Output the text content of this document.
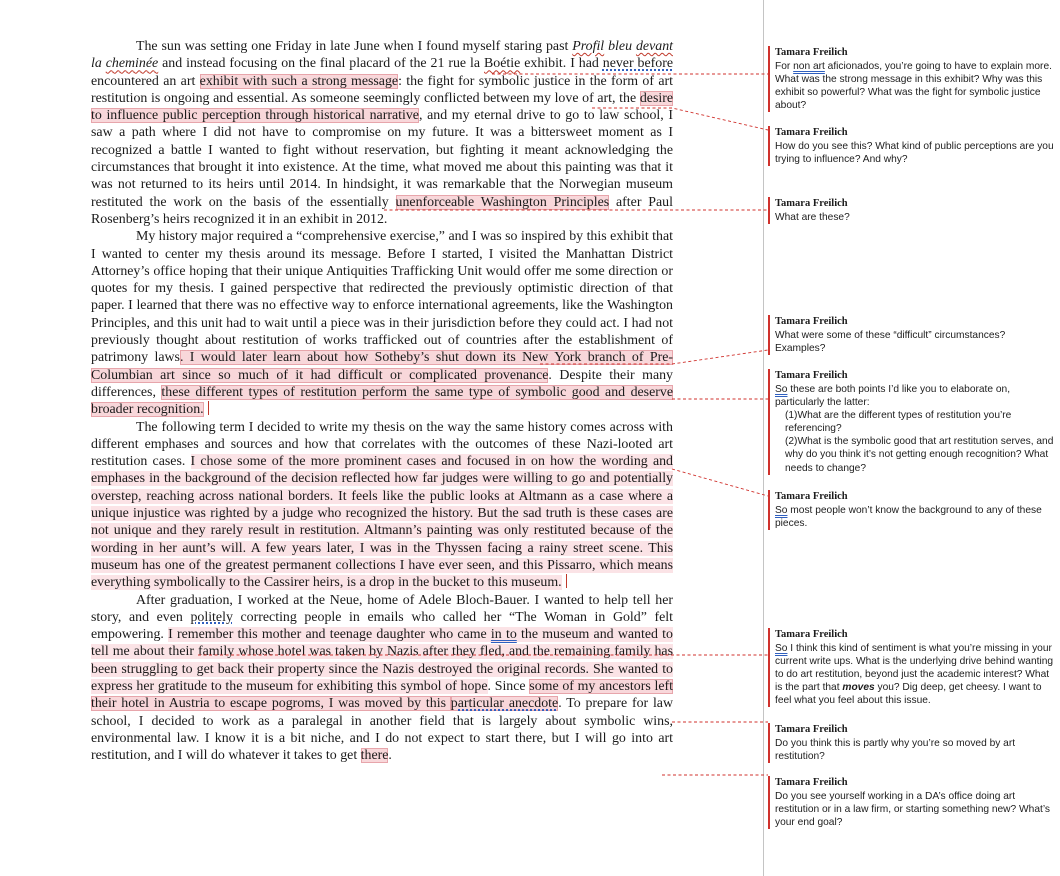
The sun was setting one Friday in late June when I found myself staring past Profil bleu devant la cheminée and instead focusing on the final placard of the 21 rue la Boétie exhibit. I had never before encountered an art exhibit with such a strong message: the fight for symbolic justice in the form of art restitution is ongoing and essential. As someone seemingly conflicted between my love of art, the desire to influence public perception through historical narrative, and my eternal drive to go to law school, I saw a path where I did not have to compromise on my future. It was a bittersweet moment as I recognized a battle I wanted to fight without reservation, but fighting it meant acknowledging the circumstances that brought it into existence. At the time, what moved me about this painting was that it was not returned to its heirs until 2014. In hindsight, it was remarkable that the Norwegian museum restituted the work on the basis of the essentially unenforceable Washington Principles after Paul Rosenberg’s heirs recognized it in an exhibit in 2012.

My history major required a “comprehensive exercise,” and I was so inspired by this exhibit that I wanted to center my thesis around its message. Before I started, I visited the Manhattan District Attorney’s office hoping that their unique Antiquities Trafficking Unit would offer me some direction or quotes for my thesis. I gained perspective that redirected the previously optimistic direction of that paper. I learned that there was no effective way to enforce international agreements, like the Washington Principles, and this unit had to wait until a piece was in their jurisdiction before they could act. I had not previously thought about restitution of works trafficked out of countries after the establishment of patrimony laws. I would later learn about how Sotheby’s shut down its New York branch of Pre-Columbian art since so much of it had difficult or complicated provenance. Despite their many differences, these different types of restitution perform the same type of symbolic good and deserve broader recognition.

The following term I decided to write my thesis on the way the same history comes across with different emphases and sources and how that correlates with the outcomes of these Nazi-looted art restitution cases. I chose some of the more prominent cases and focused in on how the wording and emphases in the background of the decision reflected how far judges were willing to go and potentially overstep, reaching across national borders. It feels like the public looks at Altmann as a case where a unique injustice was righted by a judge who recognized the history. But the sad truth is these cases are not unique and they rarely result in restitution. Altmann’s painting was only restituted because of the wording in her aunt’s will. A few years later, I was in the Thyssen facing a rainy street scene. This museum has one of the greatest permanent collections I have ever seen, and this Pissarro, which means everything symbolically to the Cassirer heirs, is a drop in the bucket to this museum.

After graduation, I worked at the Neue, home of Adele Bloch-Bauer. I wanted to help tell her story, and even politely correcting people in emails who called her “The Woman in Gold” felt empowering. I remember this mother and teenage daughter who came in to the museum and wanted to tell me about their family whose hotel was taken by Nazis after they fled, and the remaining family has been struggling to get back their property since the Nazis destroyed the original records. She wanted to express her gratitude to the museum for exhibiting this symbol of hope. Since some of my ancestors left their hotel in Austria to escape pogroms, I was moved by this particular anecdote. To prepare for law school, I decided to work as a paralegal in another field that is largely about symbolic wins, environmental law. I know it is a bit niche, and I do not expect to start there, but I will go into art restitution, and I will do whatever it takes to get there.

Tamara Freilich
For non art aficionados, you’re going to have to explain more. What was the strong message in this exhibit? Why was this exhibit so powerful? What was the fight for symbolic justice about?
Tamara Freilich
How do you see this? What kind of public perceptions are you trying to influence? And why?
Tamara Freilich
What are these?
Tamara Freilich
What were some of these “difficult” circumstances? Examples?
Tamara Freilich
So these are both points I’d like you to elaborate on, particularly the latter:
(1)What are the different types of restitution you’re referencing?
(2)What is the symbolic good that art restitution serves, and why do you think it’s not getting enough recognition? What needs to change?
Tamara Freilich
So most people won’t know the background to any of these pieces.
Tamara Freilich
So I think this kind of sentiment is what you’re missing in your current write ups. What is the underlying drive behind wanting to do art restitution, beyond just the academic interest? What is the part that moves you? Dig deep, get cheesy. I want to feel what you feel about this issue.
Tamara Freilich
Do you think this is partly why you’re so moved by art restitution?
Tamara Freilich
Do you see yourself working in a DA’s office doing art restitution or in a law firm, or starting something new? What’s your end goal?
